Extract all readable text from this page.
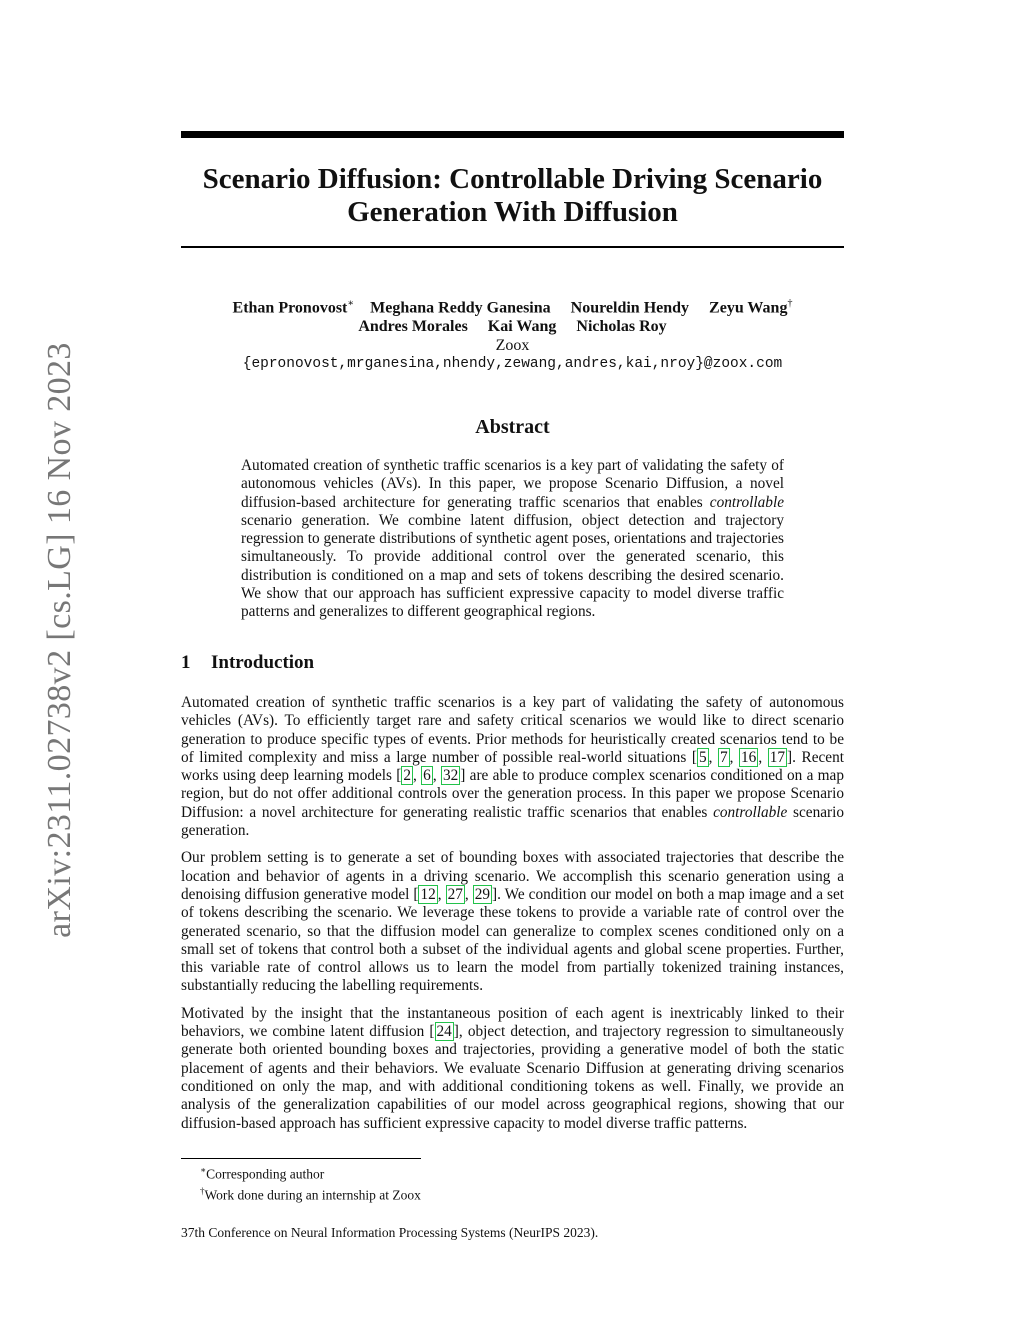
arXiv:2311.02738v2 [cs.LG] 16 Nov 2023
Scenario Diffusion: Controllable Driving Scenario
Generation With Diffusion
Ethan Pronovost∗ Meghana Reddy Ganesina Noureldin Hendy Zeyu Wang†
Andres Morales Kai Wang Nicholas Roy
Zoox
{epronovost,mrganesina,nhendy,zewang,andres,kai,nroy}@zoox.com
Abstract

Automated creation of synthetic traffic scenarios is a key part of validating the safety of autonomous vehicles (AVs). In this paper, we propose Scenario Diffusion, a novel diffusion-based architecture for generating traffic scenarios that enables controllable scenario generation. We combine latent diffusion, object detection and trajectory regression to generate distributions of synthetic agent poses, orientations and trajectories simultaneously. To provide additional control over the generated scenario, this distribution is conditioned on a map and sets of tokens describing the desired scenario. We show that our approach has sufficient expressive capacity to model diverse traffic patterns and generalizes to different geographical regions.

1 Introduction

Automated creation of synthetic traffic scenarios is a key part of validating the safety of autonomous vehicles (AVs). To efficiently target rare and safety critical scenarios we would like to direct scenario generation to produce specific types of events. Prior methods for heuristically created scenarios tend to be of limited complexity and miss a large number of possible real-world situations [ 5 , 7 , 16 , 17 ]. Recent works using deep learning models [ 2 , 6 , 32 ] are able to produce complex scenarios conditioned on a map region, but do not offer additional controls over the generation process. In this paper we propose Scenario Diffusion: a novel architecture for generating realistic traffic scenarios that enables controllable scenario generation.

Our problem setting is to generate a set of bounding boxes with associated trajectories that describe the location and behavior of agents in a driving scenario. We accomplish this scenario generation using a denoising diffusion generative model [ 12 , 27 , 29 ]. We condition our model on both a map image and a set of tokens describing the scenario. We leverage these tokens to provide a variable rate of control over the generated scenario, so that the diffusion model can generalize to complex scenes conditioned only on a small set of tokens that control both a subset of the individual agents and global scene properties. Further, this variable rate of control allows us to learn the model from partially tokenized training instances, substantially reducing the labelling requirements.

Motivated by the insight that the instantaneous position of each agent is inextricably linked to their behaviors, we combine latent diffusion [ 24 ], object detection, and trajectory regression to simultaneously generate both oriented bounding boxes and trajectories, providing a generative model of both the static placement of agents and their behaviors. We evaluate Scenario Diffusion at generating driving scenarios conditioned on only the map, and with additional conditioning tokens as well. Finally, we provide an analysis of the generalization capabilities of our model across geographical regions, showing that our diffusion-based approach has sufficient expressive capacity to model diverse traffic patterns.

∗Corresponding author
†Work done during an internship at Zoox
37th Conference on Neural Information Processing Systems (NeurIPS 2023).
